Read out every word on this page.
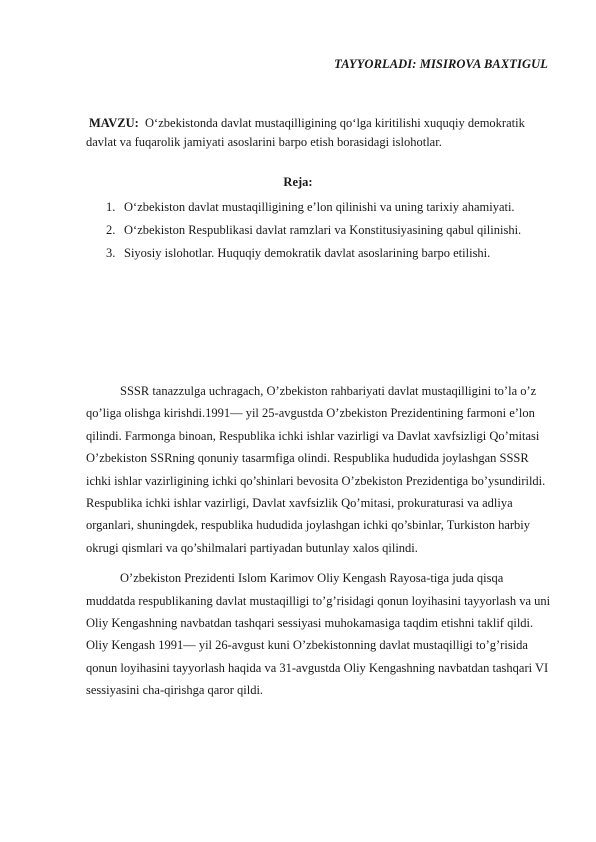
TAYYORLADI: MISIROVA BAXTIGUL
MAVZU: O‘zbekistonda davlat mustaqilligining qo‘lga kiritilishi xuquqiy demokratik davlat va fuqarolik jamiyati asoslarini barpo etish borasidagi islohotlar.
Reja:
1. O‘zbekiston davlat mustaqilligining e’lon qilinishi va uning tarixiy ahamiyati.
2. O‘zbekiston Respublikasi davlat ramzlari va Konstitusiyasining qabul qilinishi.
3. Siyosiy islohotlar. Huquqiy demokratik davlat asoslarining barpo etilishi.

SSSR tanazzulga uchragach, O’zbekiston rahbariyati davlat mustaqilligini to’la o’z qo’liga olishga kirishdi.1991— yil 25-avgustda O’zbekiston Prezidentining farmoni e’lon qilindi. Farmonga binoan, Respublika ichki ishlar vazirligi va Davlat xavfsizligi Qo’mitasi O’zbekiston SSRning qonuniy tasarmfiga olindi. Respublika hududida joylashgan SSSR ichki ishlar vazirligining ichki qo’shinlari bevosita O’zbekiston Prezidentiga bo’ysundirildi. Respublika ichki ishlar vazirligi, Davlat xavfsizlik Qo’mitasi, prokuraturasi va adliya organlari, shuningdek, respublika hududida joylashgan ichki qo’sbinlar, Turkiston harbiy okrugi qismlari va qo’shilmalari partiyadan butunlay xalos qilindi.

O’zbekiston Prezidenti Islom Karimov Oliy Kengash Rayosa-tiga juda qisqa muddatda respublikaning davlat mustaqilligi to’g’risidagi qonun loyihasini tayyorlash va uni Oliy Kengashning navbatdan tashqari sessiyasi muhokamasiga taqdim etishni taklif qildi. Oliy Kengash 1991— yil 26-avgust kuni O’zbekistonning davlat mustaqilligi to’g’risida qonun loyihasini tayyorlash haqida va 31-avgustda Oliy Kengashning navbatdan tashqari VI sessiyasini cha-qirishga qaror qildi.
